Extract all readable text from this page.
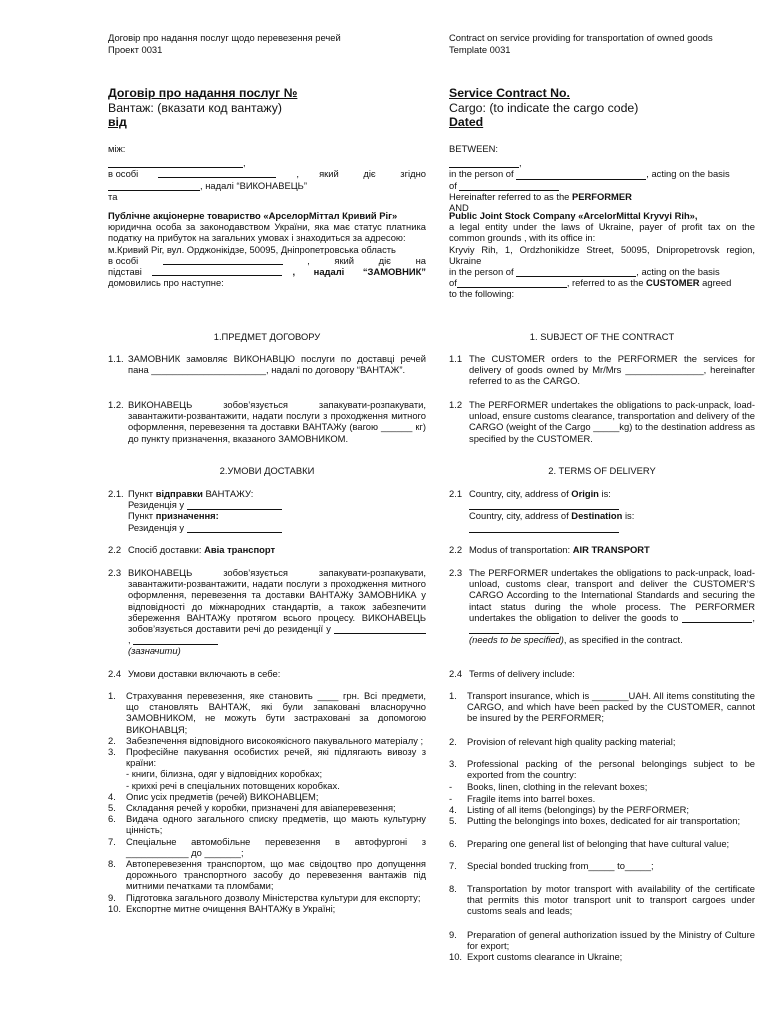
Договір про надання послуг щодо перевезення речей
Проект 0031
Договір про надання послуг №
Вантаж: (вказати код вантажу)
від

між:

,

в особі	, який діє згідно

, надалі “ВИКОНАВЕЦЬ”

та

Публічне акціонерне товариство «АрселорМіттал Кривий Ріг»

юридична особа за законодавством України, яка має статус платника податку на прибуток на загальних умовах і знаходиться за адресою:

м.Кривий Ріг, вул. Орджонікідзе, 50095, Дніпропетровська область

в особі	,	який діє на

підставі	, надалі “ЗАМОВНИК”

домовились про наступне:

1.ПРЕДМЕТ ДОГОВОРУ
1.1. ЗАМОВНИК замовляє ВИКОНАВЦЮ послуги по доставці речей пана ______________________, надалі по договору “ВАНТАЖ”.
1.2. ВИКОНАВЕЦЬ зобов’язується запакувати-розпакувати, завантажити-розвантажити, надати послуги з проходження митного оформлення, перевезення та доставки ВАНТАЖу (вагою ______ кг) до пункту призначення, вказаного ЗАМОВНИКОМ.
2.УМОВИ ДОСТАВКИ
2.1. Пункт відправки ВАНТАЖУ:
Резиденція у
Пункт призначення:
Резиденція у
2.2 Спосіб доставки: Авіа транспорт
2.3 ВИКОНАВЕЦЬ зобов’язується запакувати-розпакувати, завантажити-розвантажити, надати послуги з проходження митного оформлення, перевезення та доставки ВАНТАЖу ЗАМОВНИКА у відповідності до міжнародних стандартів, а також забезпечити збереження ВАНТАЖу протягом всього процесу. ВИКОНАВЕЦЬ зобов’язується доставити речі до резиденції у  ,
(зазначити)
2.4 Умови доставки включають в себе:
1.	Страхування перевезення, яке становить ____ грн. Всі предмети, що становлять ВАНТАЖ, які були запаковані власноручно ЗАМОВНИКОМ, не можуть бути застраховані за допомогою ВИКОНАВЦЯ;
2.	Забезпечення відповідного високоякісного пакувального матеріалу ;
3.	Професійне пакування особистих речей, які підлягають вивозу з країни:
- книги, білизна, одяг у відповідних коробках;
- крихкі речі в спеціальних потовщених коробках.
4.	Опис усіх предметів (речей) ВИКОНАВЦЕМ;
5.	Складання речей у коробки, призначені для авіаперевезення;
6.	Видача одного загального списку предметів, що мають культурну цінність;
7.	Спеціальне автомобільне перевезення в автофургоні з ____________ до _______;
8.	Автоперевезення транспортом, що має свідоцтво про допущення дорожнього транспортного засобу до перевезення вантажів під митними печатками та пломбами;
9.	Підготовка загального дозволу Міністерства культури для експорту;
10. Експортне митне очищення ВАНТАЖу в Україні;
Contract on service providing for transportation of owned goods
Template 0031
Service Contract No.
Cargo: (to indicate the cargo code)
Dated

BETWEEN:

,

in the person of	, acting on the basis

of

Hereinafter referred to as the PERFORMER

AND

Public Joint Stock Company «ArcelorMittal Kryvyi Rih»,

a legal entity under the laws of Ukraine, payer of profit tax on the common grounds , with its office in:

Kryviy Rih, 1, Ordzhonikidze Street, 50095, Dnipropetrovsk region, Ukraine

in the person of	, acting on the basis

of	, referred to as the CUSTOMER agreed

to the following:

1. SUBJECT OF THE CONTRACT
1.1 The CUSTOMER orders to the PERFORMER the services for delivery of goods owned by Mr/Mrs _______________, hereinafter referred to as the CARGO.
1.2 The PERFORMER undertakes the obligations to pack-unpack, load-unload, ensure customs clearance, transportation and delivery of the CARGO (weight of the Cargo _____kg) to the destination address as specified by the CUSTOMER.
2. TERMS OF DELIVERY
2.1 Country, city, address of Origin is:

Country, city, address of Destination is:

2.2 Modus of transportation: AIR TRANSPORT
2.3 The PERFORMER undertakes the obligations to pack-unpack, load-unload, customs clear, transport and deliver the CUSTOMER’S CARGO According to the International Standards and securing the intact status during the whole process. The PERFORMER undertakes the obligation to deliver the goods to	,
(needs to be specified), as specified in the contract.
2.4 Terms of delivery include:
1.	Transport insurance, which is _______UAH. All items constituting the CARGO, and which have been packed by the CUSTOMER, cannot be insured by the PERFORMER;
2.	Provision of relevant high quality packing material;
3.	Professional packing of the personal belongings subject to be exported from the country:
-	Books, linen, clothing in the relevant boxes;
-	Fragile items into barrel boxes.
4.	Listing of all items (belongings) by the PERFORMER;
5.	Putting the belongings into boxes, dedicated for air transportation;
6.	Preparing one general list of belonging that have cultural value;
7.	Special bonded trucking from_____ to_____;
8.	Transportation by motor transport with availability of the certificate that permits this motor transport unit to transport cargoes under customs seals and leads;
9.	Preparation of general authorization issued by the Ministry of Culture for export;
10. Export customs clearance in Ukraine;
